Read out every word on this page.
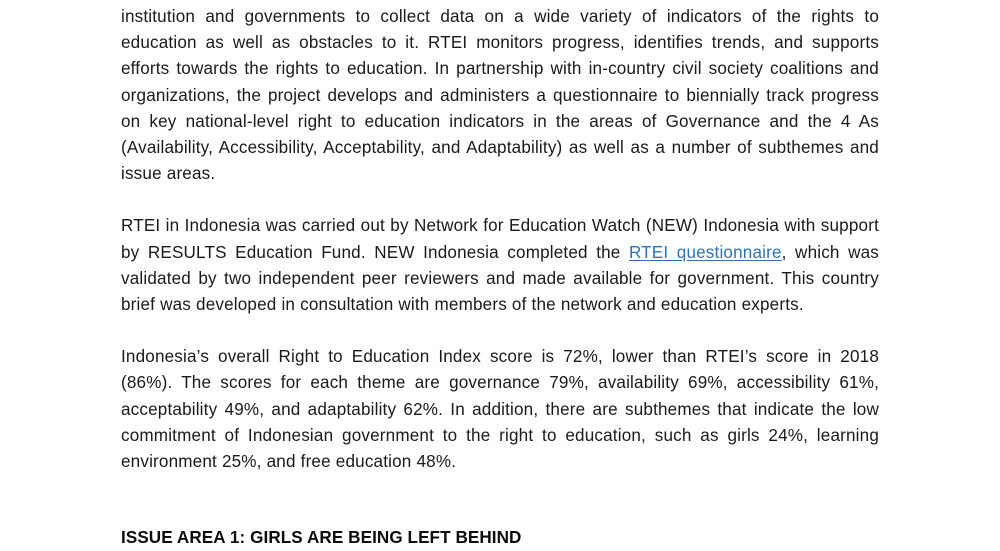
institution and governments to collect data on a wide variety of indicators of the rights to education as well as obstacles to it. RTEI monitors progress, identifies trends, and supports efforts towards the rights to education. In partnership with in-country civil society coalitions and organizations, the project develops and administers a questionnaire to biennially track progress on key national-level right to education indicators in the areas of Governance and the 4 As (Availability, Accessibility, Acceptability, and Adaptability) as well as a number of subthemes and issue areas.

RTEI in Indonesia was carried out by Network for Education Watch (NEW) Indonesia with support by RESULTS Education Fund. NEW Indonesia completed the RTEI questionnaire, which was validated by two independent peer reviewers and made available for government. This country brief was developed in consultation with members of the network and education experts.

Indonesia’s overall Right to Education Index score is 72%, lower than RTEI’s score in 2018 (86%). The scores for each theme are governance 79%, availability 69%, accessibility 61%, acceptability 49%, and adaptability 62%. In addition, there are subthemes that indicate the low commitment of Indonesian government to the right to education, such as girls 24%, learning environment 25%, and free education 48%.

ISSUE AREA 1: GIRLS ARE BEING LEFT BEHIND
